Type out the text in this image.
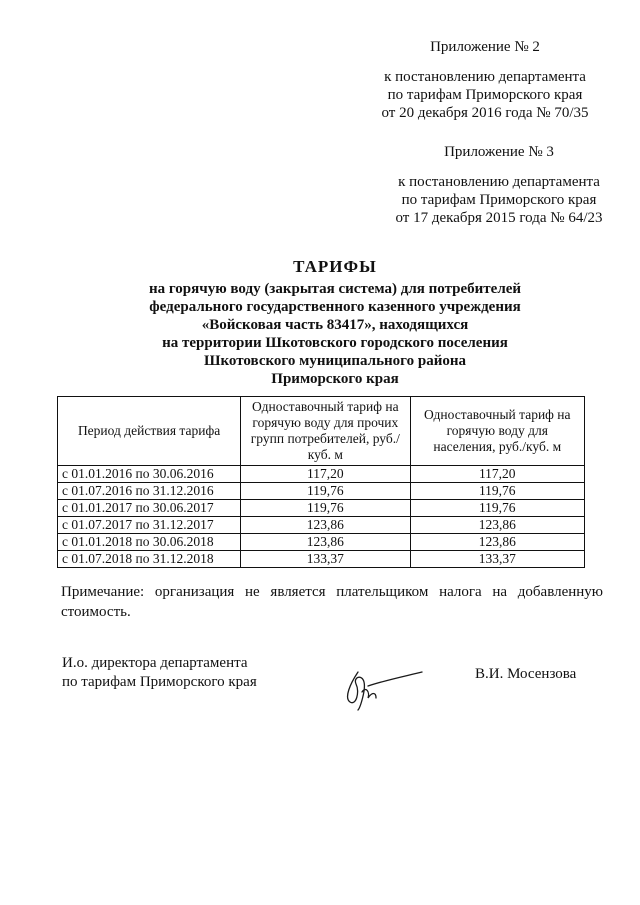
Приложение № 2
к постановлению департамента
по тарифам Приморского края
от 20 декабря 2016 года № 70/35
Приложение № 3
к постановлению департамента
по тарифам Приморского края
от 17 декабря 2015 года № 64/23
ТАРИФЫ
на горячую воду (закрытая система) для потребителей
федерального государственного казенного учреждения
«Войсковая часть 83417», находящихся
на территории Шкотовского городского поселения
Шкотовского муниципального района
Приморского края
Период действия тарифа	Одноставочный тариф на горячую воду для прочих групп потребителей, руб./куб. м	Одноставочный тариф на горячую воду для населения, руб./куб. м
с 01.01.2016 по 30.06.2016	117,20	117,20
с 01.07.2016 по 31.12.2016	119,76	119,76
с 01.01.2017 по 30.06.2017	119,76	119,76
с 01.07.2017 по 31.12.2017	123,86	123,86
с 01.01.2018 по 30.06.2018	123,86	123,86
с 01.07.2018 по 31.12.2018	133,37	133,37
Примечание: организация не является плательщиком налога на добавленную стоимость.
И.о. директора департамента
по тарифам Приморского края	В.И. Мосензова
